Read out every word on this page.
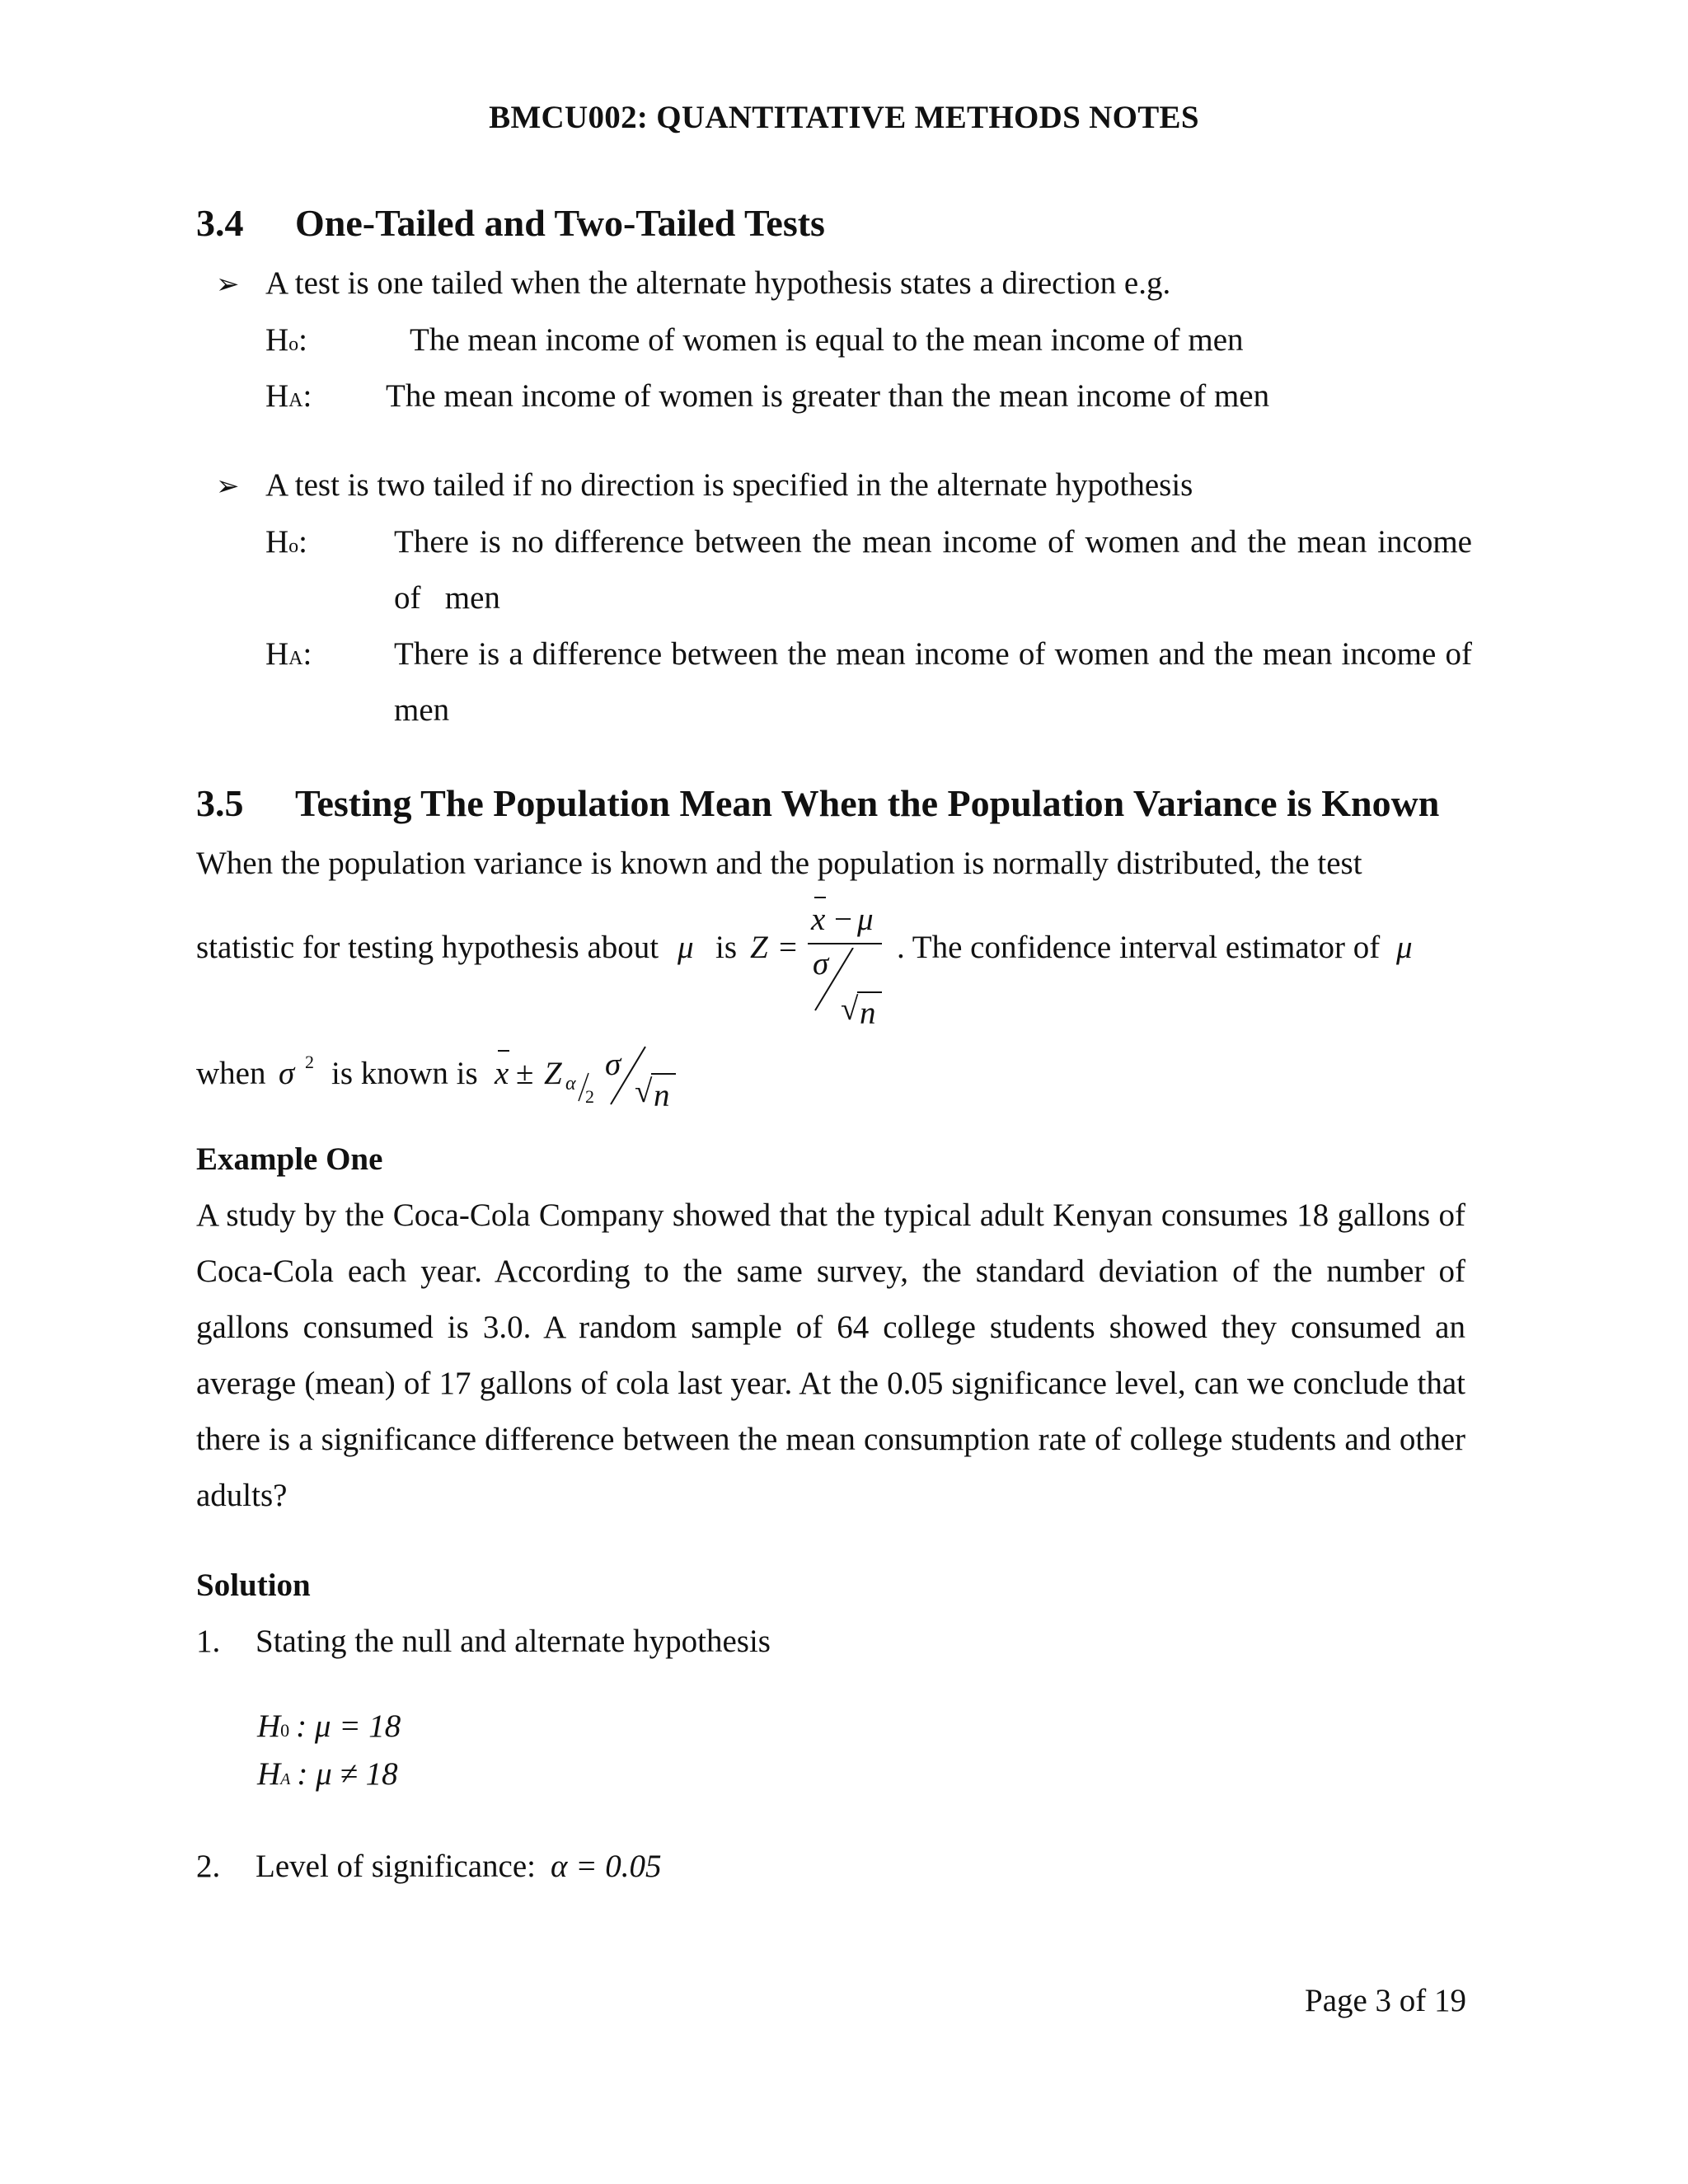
BMCU002: QUANTITATIVE METHODS NOTES
3.4 One-Tailed and Two-Tailed Tests
➢ A test is one tailed when the alternate hypothesis states a direction e.g.
Ho:	The mean income of women is equal to the mean income of men
HA: The mean income of women is greater than the mean income of men
➢ A test is two tailed if no direction is specified in the alternate hypothesis
Ho:	There is no difference between the mean income of women and the mean income
of   men
HA:	There is a difference between the mean income of women and the mean income of
men
3.5 Testing The Population Mean When the Population Variance is Known
When the population variance is known and the population is normally distributed, the test
statistic for testing hypothesis about μ is Z =
x − μ
σ
√ n
. The confidence interval estimator of μ
when σ 2 is known is x ± Z α
2
σ
√ n
Example One
A study by the Coca-Cola Company showed that the typical adult Kenyan consumes 18 gallons of
Coca-Cola each year. According to the same survey, the standard deviation of the number of
gallons consumed is 3.0. A random sample of 64 college students showed they consumed an
average (mean) of 17 gallons of cola last year. At the 0.05 significance level, can we conclude that
there is a significance difference between the mean consumption rate of college students and other
adults?
Solution
1. Stating the null and alternate hypothesis
H0 : μ = 18
HA : μ ≠ 18
2. Level of significance: α = 0.05
Page 3 of 19
